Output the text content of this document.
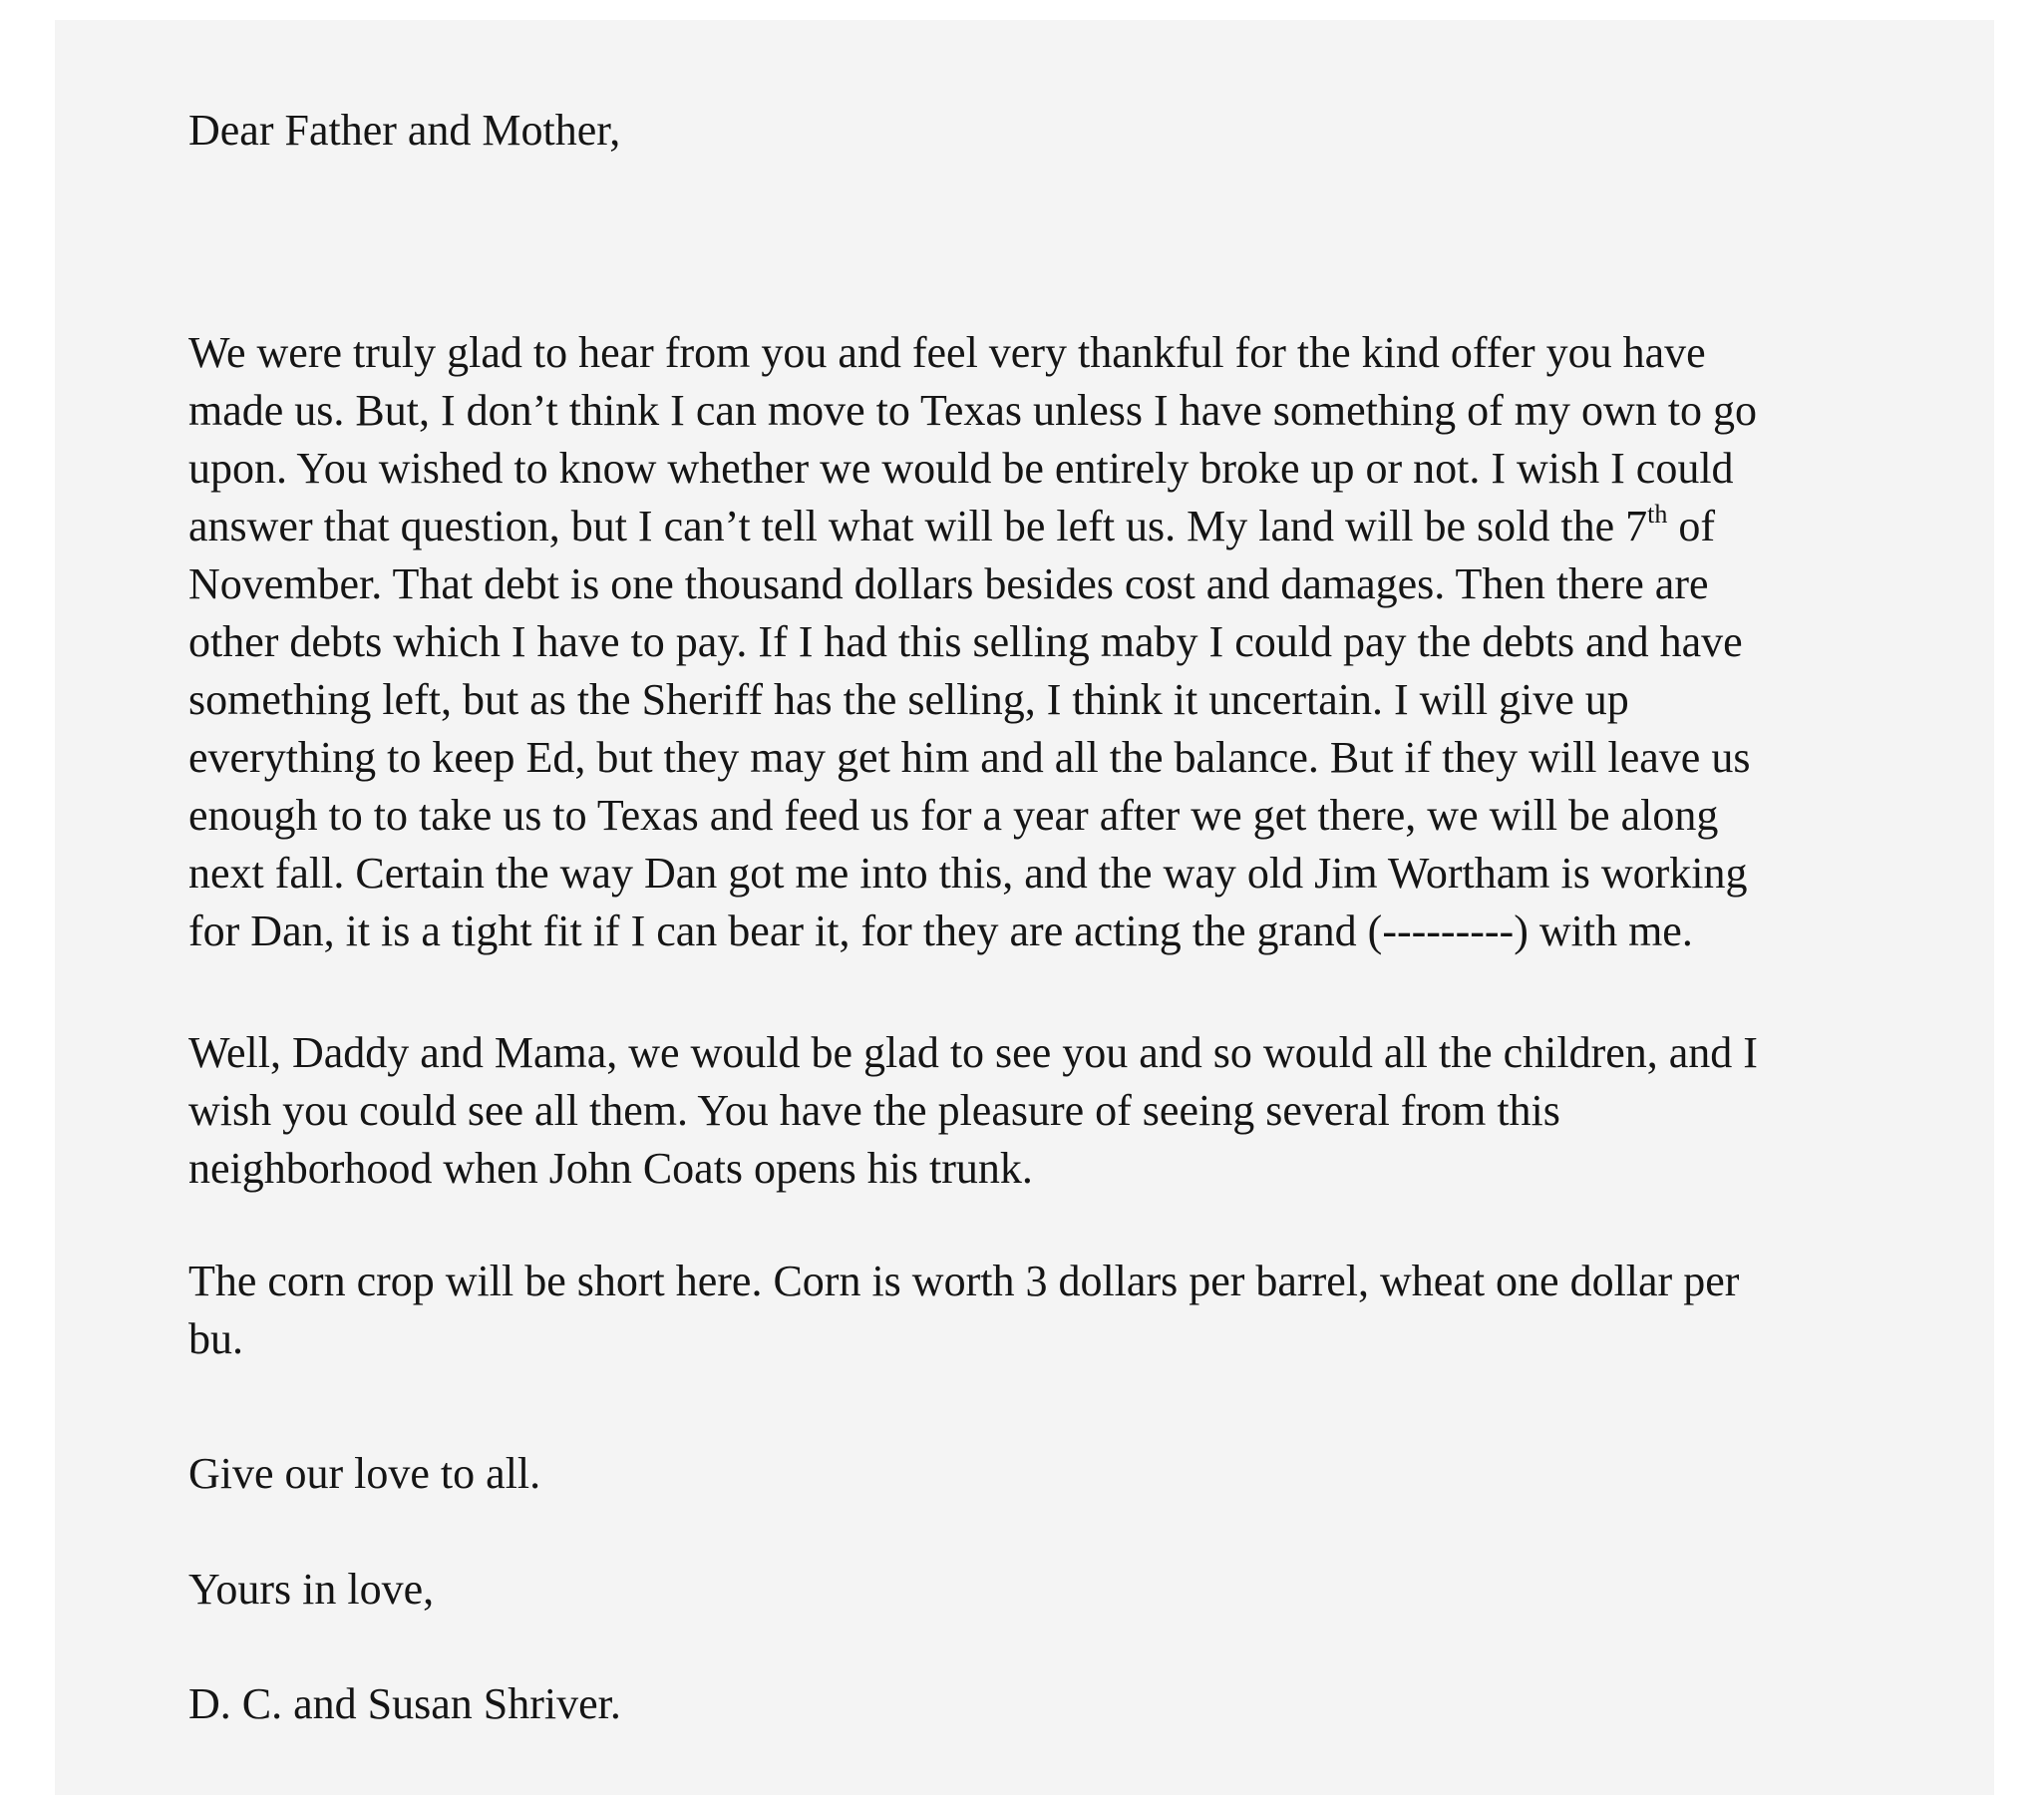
Dear Father and Mother,

We were truly glad to hear from you and feel very thankful for the kind offer you have
made us. But, I don’t think I can move to Texas unless I have something of my own to go
upon. You wished to know whether we would be entirely broke up or not. I wish I could
answer that question, but I can’t tell what will be left us. My land will be sold the 7th of
November. That debt is one thousand dollars besides cost and damages. Then there are
other debts which I have to pay. If I had this selling maby I could pay the debts and have
something left, but as the Sheriff has the selling, I think it uncertain. I will give up
everything to keep Ed, but they may get him and all the balance. But if they will leave us
enough to to take us to Texas and feed us for a year after we get there, we will be along
next fall. Certain the way Dan got me into this, and the way old Jim Wortham is working
for Dan, it is a tight fit if I can bear it, for they are acting the grand (---------) with me.

Well, Daddy and Mama, we would be glad to see you and so would all the children, and I
wish you could see all them. You have the pleasure of seeing several from this
neighborhood when John Coats opens his trunk.

The corn crop will be short here. Corn is worth 3 dollars per barrel, wheat one dollar per
bu.

Give our love to all.

Yours in love,

D. C. and Susan Shriver.
